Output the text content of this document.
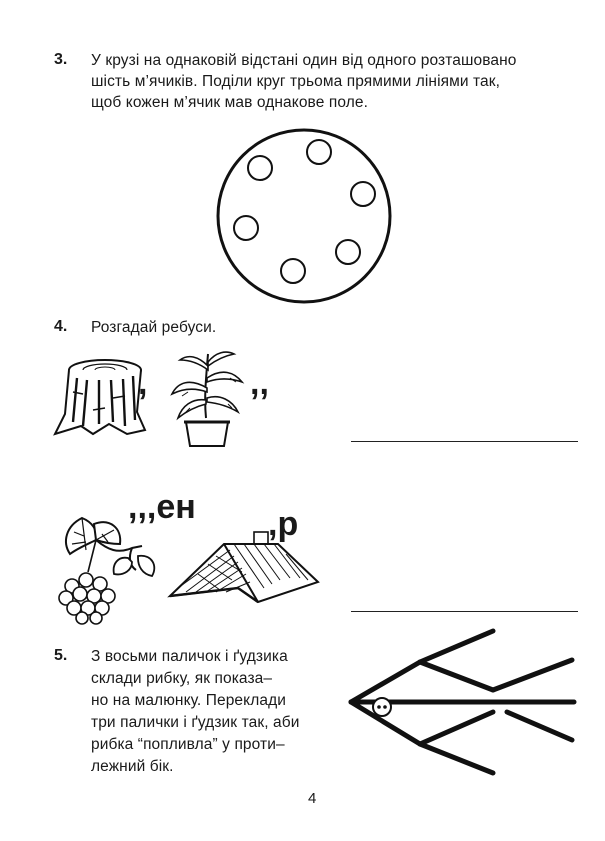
3. У крузі на однаковій відстані один від одного розташовано
шість м’ячиків. Поділи круг трьома прямими лініями так,
щоб кожен м’ячик мав однакове поле.
4. Розгадай ребуси.
,	,,
,,,ен ,р
5. З восьми паличок і ґудзика
склади рибку, як показа–
но на малюнку. Переклади
три палички і ґудзик так, аби
рибка “попливла” у проти–
лежний бік.
4
